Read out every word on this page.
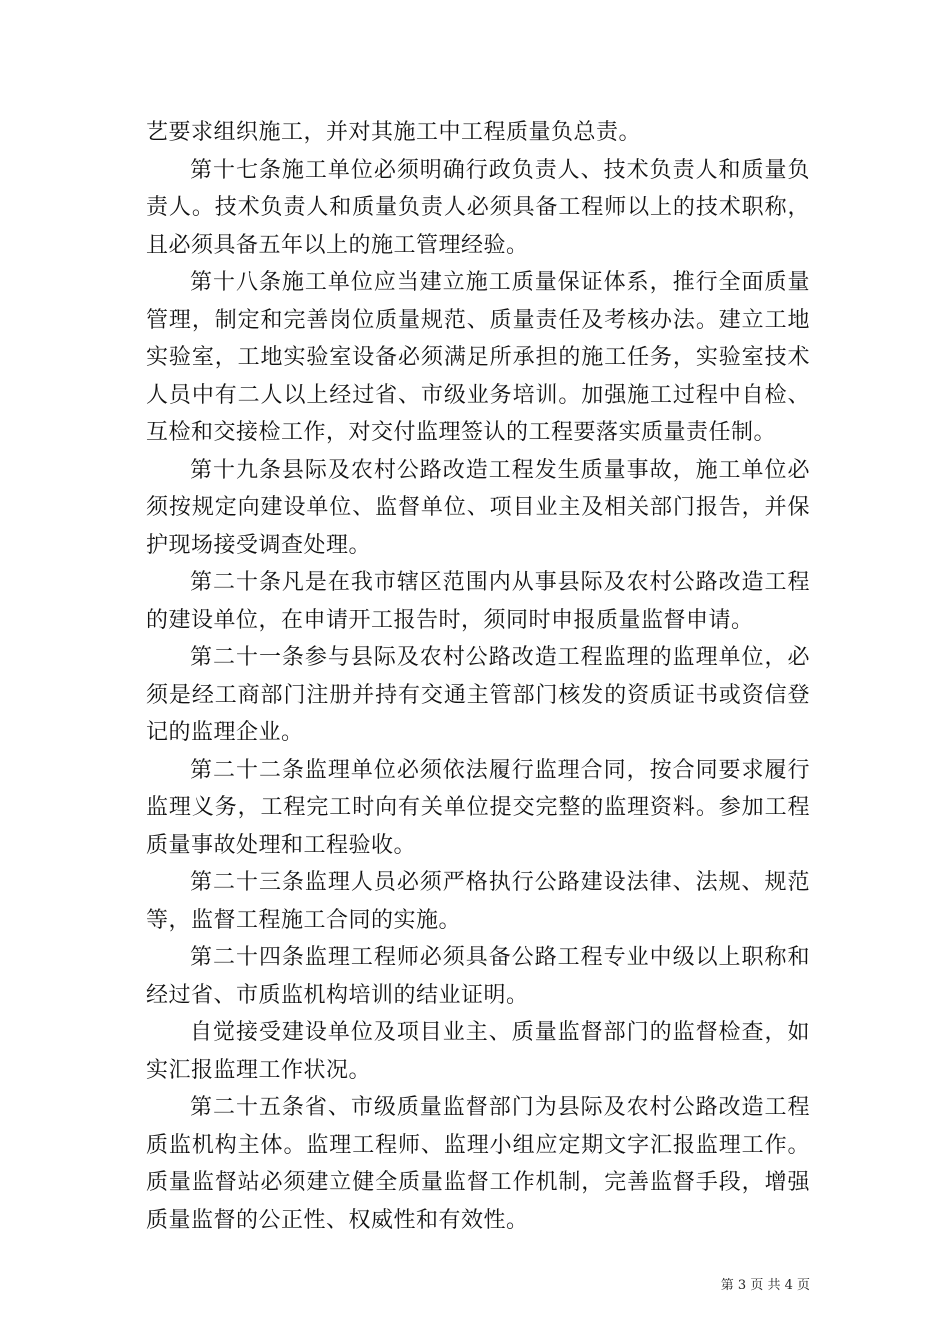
艺要求组织施工，并对其施工中工程质量负总责。

第十七条施工单位必须明确行政负责人、技术负责人和质量负责人。技术负责人和质量负责人必须具备工程师以上的技术职称，且必须具备五年以上的施工管理经验。

第十八条施工单位应当建立施工质量保证体系，推行全面质量管理，制定和完善岗位质量规范、质量责任及考核办法。建立工地实验室，工地实验室设备必须满足所承担的施工任务，实验室技术人员中有二人以上经过省、市级业务培训。加强施工过程中自检、互检和交接检工作，对交付监理签认的工程要落实质量责任制。

第十九条县际及农村公路改造工程发生质量事故，施工单位必须按规定向建设单位、监督单位、项目业主及相关部门报告，并保护现场接受调查处理。

第二十条凡是在我市辖区范围内从事县际及农村公路改造工程的建设单位，在申请开工报告时，须同时申报质量监督申请。

第二十一条参与县际及农村公路改造工程监理的监理单位，必须是经工商部门注册并持有交通主管部门核发的资质证书或资信登记的监理企业。

第二十二条监理单位必须依法履行监理合同，按合同要求履行监理义务，工程完工时向有关单位提交完整的监理资料。参加工程质量事故处理和工程验收。

第二十三条监理人员必须严格执行公路建设法律、法规、规范等，监督工程施工合同的实施。

第二十四条监理工程师必须具备公路工程专业中级以上职称和经过省、市质监机构培训的结业证明。

自觉接受建设单位及项目业主、质量监督部门的监督检查，如实汇报监理工作状况。

第二十五条省、市级质量监督部门为县际及农村公路改造工程质监机构主体。监理工程师、监理小组应定期文字汇报监理工作。质量监督站必须建立健全质量监督工作机制，完善监督手段，增强质量监督的公正性、权威性和有效性。

第 3 页 共 4 页
